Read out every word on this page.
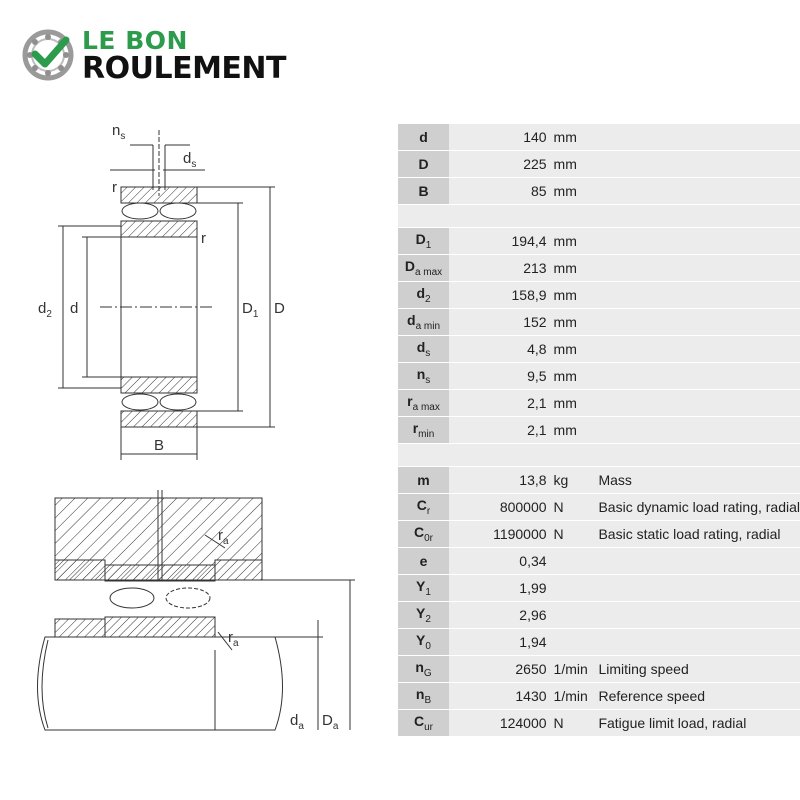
LE BON
ROULEMENT
$n_s$
$d_s$
r
r
$d_2$ d	$D_1$ D
B
$r_a$
$r_a$
$d_a$ $D_a$
d	140	mm	
D	225	mm	
B	85	mm	

$D_1$	194,4	mm	
$D_{a max}$	213	mm	
$d_2$	158,9	mm	
$d_{a min}$	152	mm	
$d_s$	4,8	mm	
$n_s$	9,5	mm	
$r_{a max}$	2,1	mm	
$r_{min}$	2,1	mm	

m	13,8	kg	Mass
$C_r$	800000	N	Basic dynamic load rating, radial
$C_{0r}$	1190000	N	Basic static load rating, radial
e	0,34		
$Y_1$	1,99		
$Y_2$	2,96		
$Y_0$	1,94		
$n_G$	2650	1/min	Limiting speed
$n_B$	1430	1/min	Reference speed
$C_{ur}$	124000	N	Fatigue limit load, radial
